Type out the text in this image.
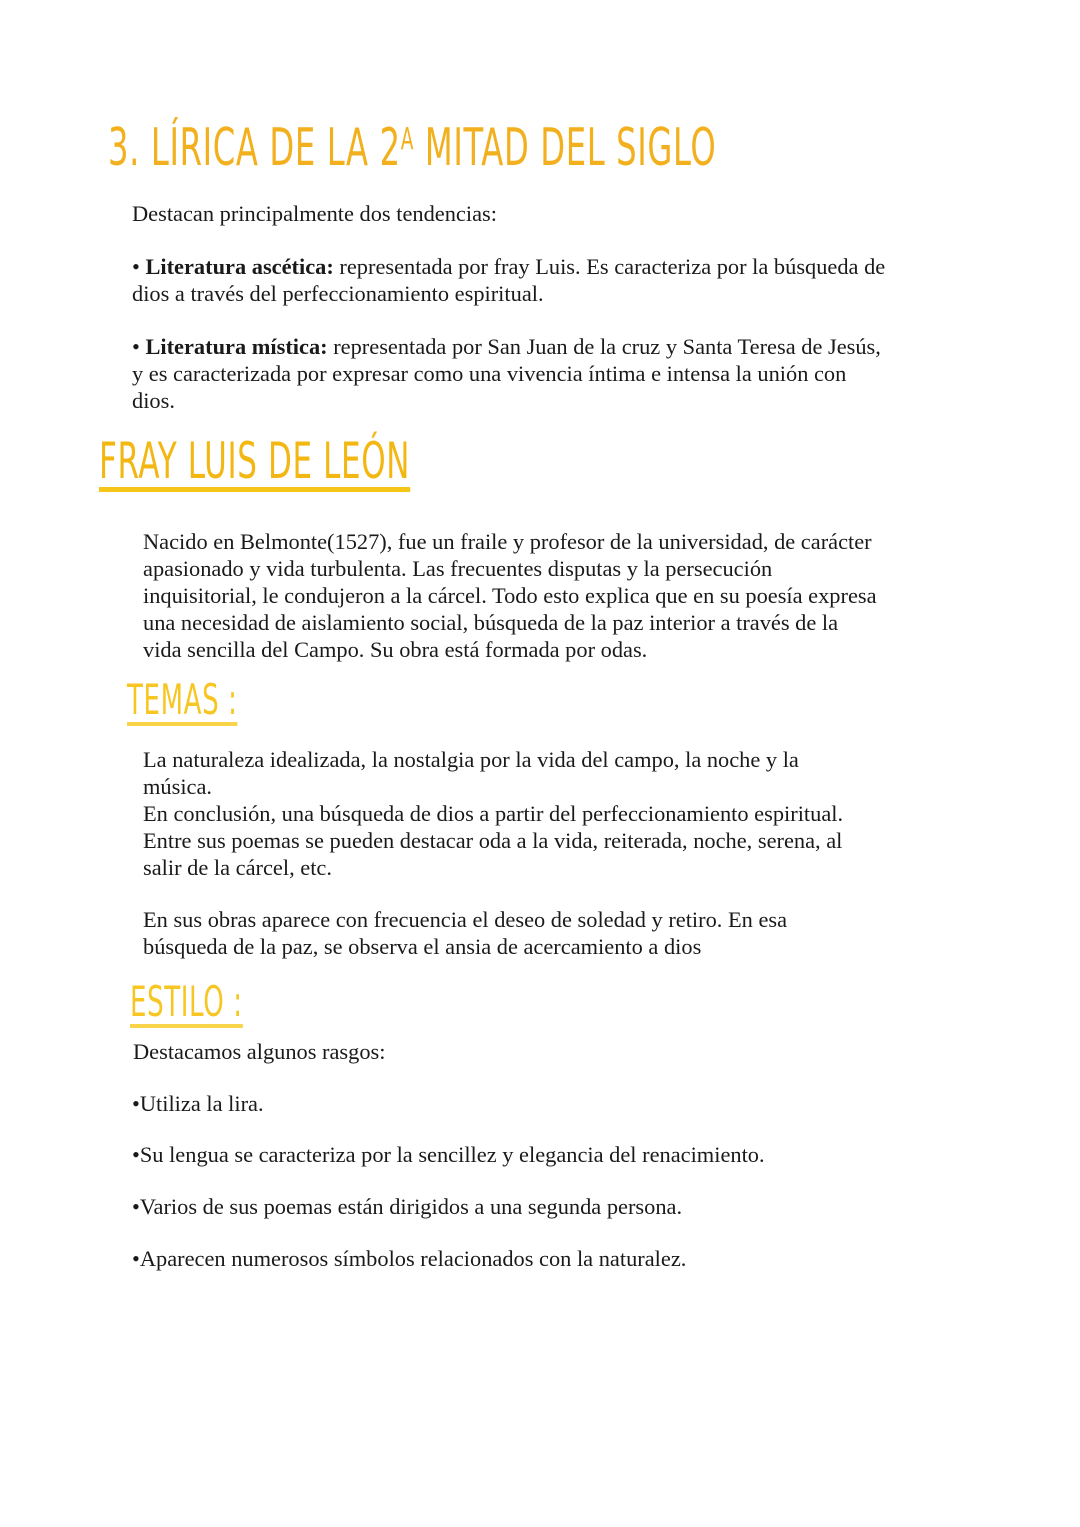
3. LÍRICA DE LA $2^A$ MITAD DEL SIGLO

Destacan principalmente dos tendencias:

• Literatura ascética: representada por fray Luis. Es caracteriza por la búsqueda de

dios a través del perfeccionamiento espiritual.

• Literatura mística: representada por San Juan de la cruz y Santa Teresa de Jesús,

y es caracterizada por expresar como una vivencia íntima e intensa la unión con

dios.

FRAY LUIS DE LEÓN

Nacido en Belmonte(1527), fue un fraile y profesor de la universidad, de carácter

apasionado y vida turbulenta. Las frecuentes disputas y la persecución

inquisitorial, le condujeron a la cárcel. Todo esto explica que en su poesía expresa

una necesidad de aislamiento social, búsqueda de la paz interior a través de la

vida sencilla del Campo. Su obra está formada por odas.

TEMAS :

La naturaleza idealizada, la nostalgia por la vida del campo, la noche y la

música.

En conclusión, una búsqueda de dios a partir del perfeccionamiento espiritual.

Entre sus poemas se pueden destacar oda a la vida, reiterada, noche, serena, al

salir de la cárcel, etc.

En sus obras aparece con frecuencia el deseo de soledad y retiro. En esa

búsqueda de la paz, se observa el ansia de acercamiento a dios

ESTILO :

Destacamos algunos rasgos:

•Utiliza la lira.

•Su lengua se caracteriza por la sencillez y elegancia del renacimiento.

•Varios de sus poemas están dirigidos a una segunda persona.

•Aparecen numerosos símbolos relacionados con la naturalez.
